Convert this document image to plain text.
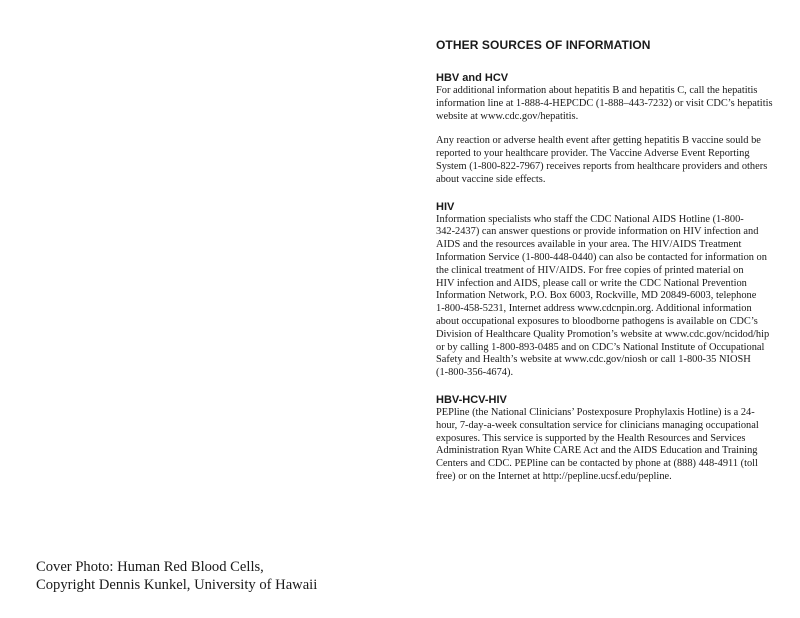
OTHER SOURCES OF INFORMATION
HBV and HCV

For additional information about hepatitis B and hepatitis C, call the hepatitis
information line at 1-888-4-HEPCDC (1-888–443-7232) or visit CDC’s hepatitis
website at www.cdc.gov/hepatitis.

Any reaction or adverse health event after getting hepatitis B vaccine sould be
reported to your healthcare provider. The Vaccine Adverse Event Reporting
System (1-800-822-7967) receives reports from healthcare providers and others
about vaccine side effects.

HIV

Information specialists who staff the CDC National AIDS Hotline (1-800-
342-2437) can answer questions or provide information on HIV infection and
AIDS and the resources available in your area. The HIV/AIDS Treatment
Information Service (1-800-448-0440) can also be contacted for information on
the clinical treatment of HIV/AIDS. For free copies of printed material on
HIV infection and AIDS, please call or write the CDC National Prevention
Information Network, P.O. Box 6003, Rockville, MD 20849-6003, telephone
1-800-458-5231, Internet address www.cdcnpin.org. Additional information
about occupational exposures to bloodborne pathogens is available on CDC’s
Division of Healthcare Quality Promotion’s website at www.cdc.gov/ncidod/hip
or by calling 1-800-893-0485 and on CDC’s National Institute of Occupational
Safety and Health’s website at www.cdc.gov/niosh or call 1-800-35 NIOSH
(1-800-356-4674).

HBV-HCV-HIV

PEPline (the National Clinicians’ Postexposure Prophylaxis Hotline) is a 24-
hour, 7-day-a-week consultation service for clinicians managing occupational
exposures. This service is supported by the Health Resources and Services
Administration Ryan White CARE Act and the AIDS Education and Training
Centers and CDC. PEPline can be contacted by phone at (888) 448-4911 (toll
free) or on the Internet at http://pepline.ucsf.edu/pepline.

Cover Photo: Human Red Blood Cells,
Copyright Dennis Kunkel, University of Hawaii
